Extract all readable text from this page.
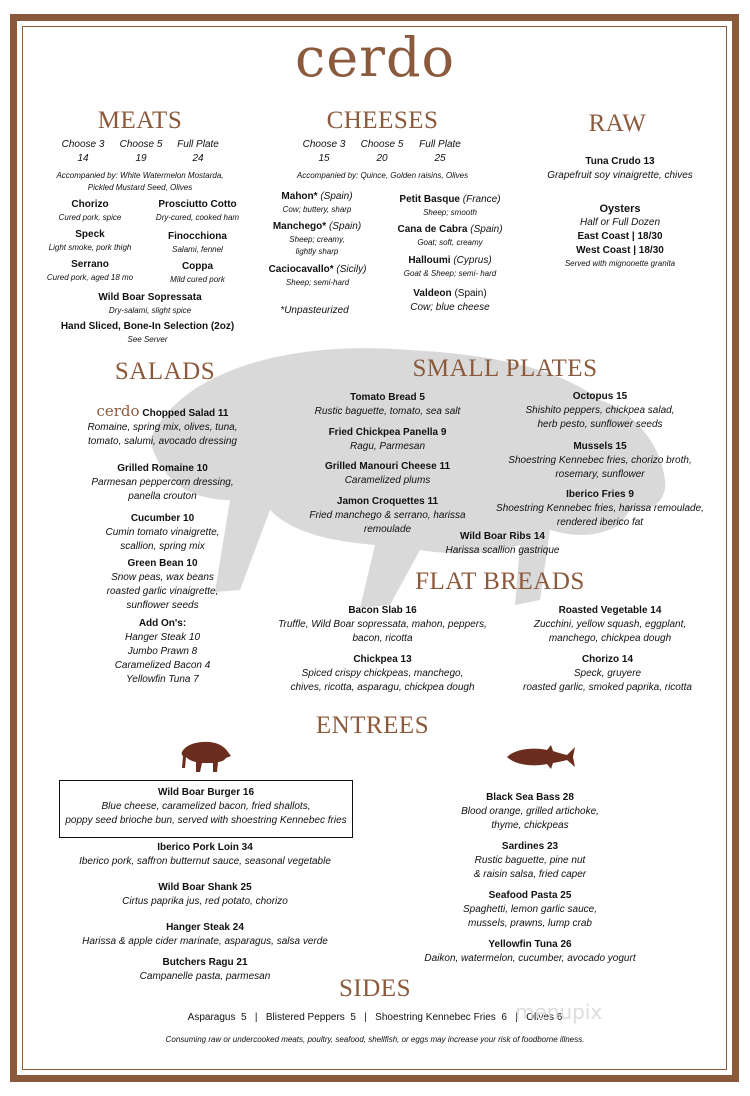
cerdo
MEATS
Choose 3
14
Choose 5
19
Full Plate
24
Accompanied by: White Watermelon Mostarda,
Pickled Mustard Seed, Olives
Chorizo
Cured pork, spice
Prosciutto Cotto
Dry-cured, cooked ham
Speck
Light smoke, pork thigh
Finocchiona
Salami, fennel
Serrano
Cured pork, aged 18 mo
Coppa
Mild cured pork
Wild Boar Sopressata
Dry-salami, slight spice
Hand Sliced, Bone-In Selection (2oz)
See Server
CHEESES
Choose 3
15
Choose 5
20
Full Plate
25
Accompanied by: Quince, Golden raisins, Olives
Mahon* (Spain)
Cow; buttery, sharp
Petit Basque (France)
Sheep; smooth
Manchego* (Spain)
Sheep; creamy,
lightly sharp
Cana de Cabra (Spain)
Goat; soft, creamy
Caciocavallo* (Sicily)
Sheep; semi-hard
Halloumi (Cyprus)
Goat & Sheep; semi- hard
Valdeon (Spain)
Cow; blue cheese
*Unpasteurized
RAW
Tuna Crudo 13
Grapefruit soy vinaigrette, chives
Oysters
Half or Full Dozen
East Coast | 18/30
West Coast | 18/30
Served with mignonette granita
SALADS
cerdo Chopped Salad 11
Romaine, spring mix, olives, tuna,
tomato, salumi, avocado dressing
Grilled Romaine 10
Parmesan peppercorn dressing,
panella crouton
Cucumber 10
Cumin tomato vinaigrette,
scallion, spring mix
Green Bean 10
Snow peas, wax beans
roasted garlic vinaigrette,
sunflower seeds
Add On's:
Hanger Steak 10
Jumbo Prawn 8
Caramelized Bacon 4
Yellowfin Tuna 7
SMALL PLATES
Tomato Bread 5
Rustic baguette, tomato, sea salt
Fried Chickpea Panella 9
Ragu, Parmesan
Grilled Manouri Cheese 11
Caramelized plums
Jamon Croquettes 11
Fried manchego & serrano, harissa
remoulade
Wild Boar Ribs 14
Harissa scallion gastrique
Octopus 15
Shishito peppers, chickpea salad,
herb pesto, sunflower seeds
Mussels 15
Shoestring Kennebec fries, chorizo broth,
rosemary, sunflower
Iberico Fries 9
Shoestring Kennebec fries, harissa remoulade,
rendered iberico fat
FLAT BREADS
Bacon Slab 16
Truffle, Wild Boar sopressata, mahon, peppers,
bacon, ricotta
Chickpea 13
Spiced crispy chickpeas, manchego,
chives, ricotta, asparagu, chickpea dough
Roasted Vegetable 14
Zucchini, yellow squash, eggplant,
manchego, chickpea dough
Chorizo 14
Speck, gruyere
roasted garlic, smoked paprika, ricotta
ENTREES
Wild Boar Burger 16
Blue cheese, caramelized bacon, fried shallots,
poppy seed brioche bun, served with shoestring Kennebec fries
Iberico Pork Loin 34
Iberico pork, saffron butternut sauce, seasonal vegetable
Wild Boar Shank 25
Cirtus paprika jus, red potato, chorizo
Hanger Steak 24
Harissa & apple cider marinate, asparagus, salsa verde
Butchers Ragu 21
Campanelle pasta, parmesan
Black Sea Bass 28
Blood orange, grilled artichoke,
thyme, chickpeas
Sardines 23
Rustic baguette, pine nut
& raisin salsa, fried caper
Seafood Pasta 25
Spaghetti, lemon garlic sauce,
mussels, prawns, lump crab
Yellowfin Tuna 26
Daikon, watermelon, cucumber, avocado yogurt
SIDES
Asparagus  5   |   Blistered Peppers  5   |   Shoestring Kennebec Fries  6   |   Olives 6
Consuming raw or undercooked meats, poultry, seafood, shellfish, or eggs may increase your risk of foodborne illness.
menupix
